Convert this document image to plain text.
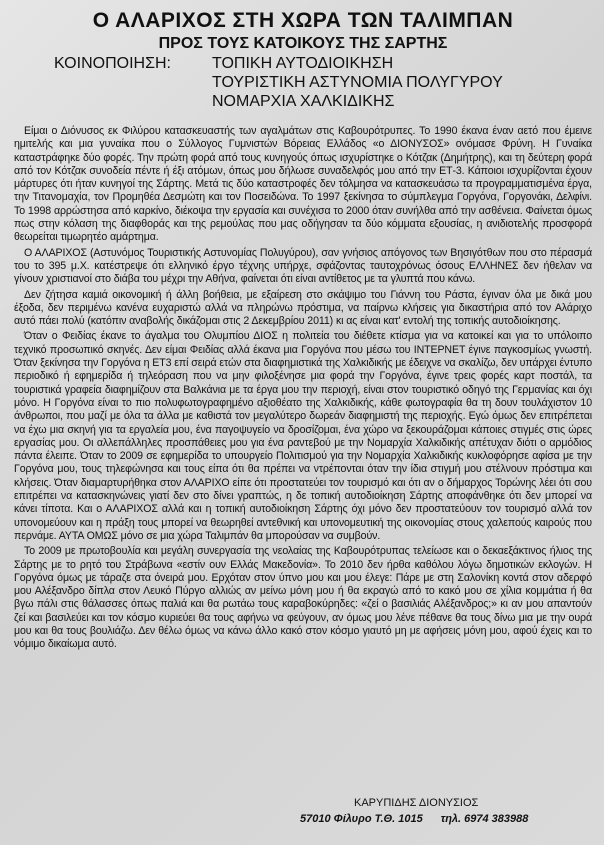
Ο ΑΛΑΡΙΧΟΣ ΣΤΗ ΧΩΡΑ ΤΩΝ ΤΑΛΙΜΠΑΝ
ΠΡΟΣ ΤΟΥΣ ΚΑΤΟΙΚΟΥΣ ΤΗΣ ΣΑΡΤΗΣ
ΚΟΙΝΟΠΟΙΗΣΗ:	ΤΟΠΙΚΗ ΑΥΤΟΔΙΟΙΚΗΣΗ
ΤΟΥΡΙΣΤΙΚΗ ΑΣΤΥΝΟΜΙΑ ΠΟΛΥΓΥΡΟΥ
ΝΟΜΑΡΧΙΑ ΧΑΛΚΙΔΙΚΗΣ

Είμαι ο Διόνυσος εκ Φιλύρου κατασκευαστής των αγαλμάτων στις Καβουρότρυπες. Το 1990 έκανα έναν αετό που έμεινε ημιτελής και μια γυναίκα που ο Σύλλογος Γυμνιστών Βόρειας Ελλάδος «ο ΔΙΟΝΥΣΟΣ» ονόμασε Φρύνη. Η Γυναίκα καταστράφηκε δύο φορές. Την πρώτη φορά από τους κυνηγούς όπως ισχυρίστηκε ο Κότζακ (Δημήτρης), και τη δεύτερη φορά από τον Κότζακ συνοδεία πέντε ή έξι ατόμων, όπως μου δήλωσε συναδελφός μου από την ΕΤ-3. Κάποιοι ισχυρίζονται έχουν μάρτυρες ότι ήταν κυνηγοί της Σάρτης. Μετά τις δύο καταστροφές δεν τόλμησα να κατασκευάσω τα προγραμματισμένα έργα, την Τιτανομαχία, τον Προμηθέα Δεσμώτη και τον Ποσειδώνα. Το 1997 ξεκίνησα το σύμπλεγμα Γοργόνα, Γοργονάκι, Δελφίνι. Το 1998 αρρώστησα από καρκίνο, διέκοψα την εργασία και συνέχισα το 2000 όταν συνήλθα από την ασθένεια. Φαίνεται όμως πως στην κόλαση της διαφθοράς και της ρεμούλας που μας οδήγησαν τα δύο κόμματα εξουσίας, η ανιδιοτελής προσφορά θεωρείται τιμωρητέο αμάρτημα.

Ο ΑΛΑΡΙΧΟΣ (Αστυνόμος Τουριστικής Αστυνομίας Πολυγύρου), σαν γνήσιος απόγονος των Βησιγότθων που στο πέρασμά του το 395 μ.Χ. κατέστρεψε ότι ελληνικό έργο τέχνης υπήρχε, σφάζοντας ταυτοχρόνως όσους ΕΛΛΗΝΕΣ δεν ήθελαν να γίνουν χριστιανοί στο διάβα του μέχρι την Αθήνα, φαίνεται ότι είναι αντίθετος με τα γλυπτά που κάνω.

Δεν ζήτησα καμιά οικονομική ή άλλη βοήθεια, με εξαίρεση στο σκάψιμο του Γιάννη του Ράστα, έγιναν όλα με δικά μου έξοδα, δεν περιμένω κανένα ευχαριστώ αλλά να πληρώνω πρόστιμα, να παίρνω κλήσεις για δικαστήρια από τον Αλάριχο αυτό πάει πολύ (κατόπιν αναβολής δικάζομαι στις 2 Δεκεμβρίου 2011) κι ας είναι κατ' εντολή της τοπικής αυτοδιοίκησης.

Όταν ο Φειδίας έκανε το άγαλμα του Ολυμπίου ΔΙΟΣ η πολιτεία του διέθετε κτίσμα για να κατοικεί και για το υπόλοιπο τεχνικό προσωπικό σκηνές. Δεν είμαι Φειδίας αλλά έκανα μια Γοργόνα που μέσω του ΙΝΤΕΡΝΕΤ έγινε παγκοσμίως γνωστή. Όταν ξεκίνησα την Γοργόνα η ΕΤ3 επί σειρά ετών στα διαφημιστικά της Χαλκιδικής με έδειχνε να σκαλίζω, δεν υπάρχει έντυπο περιοδικό ή εφημερίδα ή τηλεόραση που να μην φιλοξένησε μια φορά την Γοργόνα, έγινε τρεις φορές καρτ ποστάλ, τα τουριστικά γραφεία διαφημίζουν στα Βαλκάνια με τα έργα μου την περιοχή, είναι στον τουριστικό οδηγό της Γερμανίας και όχι μόνο. Η Γοργόνα είναι το πιο πολυφωτογραφημένο αξιοθέατο της Χαλκιδικής, κάθε φωτογραφία θα τη δουν τουλάχιστον 10 άνθρωποι, που μαζί με όλα τα άλλα με καθιστά τον μεγαλύτερο δωρεάν διαφημιστή της περιοχής. Εγώ όμως δεν επιτρέπεται να έχω μια σκηνή για τα εργαλεία μου, ένα παγοψυγείο να δροσίζομαι, ένα χώρο να ξεκουράζομαι κάποιες στιγμές στις ώρες εργασίας μου. Οι αλλεπάλληλες προσπάθειες μου για ένα ραντεβού με την Νομαρχία Χαλκιδικής απέτυχαν διότι ο αρμόδιος πάντα έλειπε. Όταν το 2009 σε εφημερίδα το υπουργείο Πολιτισμού για την Νομαρχία Χαλκιδικής κυκλοφόρησε αφίσα με την Γοργόνα μου, τους τηλεφώνησα και τους είπα ότι θα πρέπει να ντρέπονται όταν την ίδια στιγμή μου στέλνουν πρόστιμα και κλήσεις. Όταν διαμαρτυρήθηκα στον ΑΛΑΡΙΧΟ είπε ότι προστατεύει τον τουρισμό και ότι αν ο δήμαρχος Τορώνης λέει ότι σου επιτρέπει να κατασκηνώνεις γιατί δεν στο δίνει γραπτώς, η δε τοπική αυτοδιοίκηση Σάρτης αποφάνθηκε ότι δεν μπορεί να κάνει τίποτα. Και ο ΑΛΑΡΙΧΟΣ αλλά και η τοπική αυτοδιοίκηση Σάρτης όχι μόνο δεν προστατεύουν τον τουρισμό αλλά τον υπονομεύουν και η πράξη τους μπορεί να θεωρηθεί αντεθνική και υπονομευτική της οικονομίας στους χαλεπούς καιρούς που περνάμε. ΑΥΤΑ ΟΜΩΣ μόνο σε μια χώρα Ταλιμπάν θα μπορούσαν να συμβούν.

Το 2009 με πρωτοβουλία και μεγάλη συνεργασία της νεολαίας της Καβουρότρυπας τελείωσε και ο δεκαεξάκτινος ήλιος της Σάρτης με το ρητό του Στράβωνα «εστίν ουν Ελλάς Μακεδονία». Το 2010 δεν ήρθα καθόλου λόγω δημοτικών εκλογών. Η Γοργόνα όμως με τάραζε στα όνειρά μου. Ερχόταν στον ύπνο μου και μου έλεγε: Πάρε με στη Σαλονίκη κοντά στον αδερφό μου Αλέξανδρο δίπλα στον Λευκό Πύργο αλλιώς αν μείνω μόνη μου ή θα εκραγώ από το κακό μου σε χίλια κομμάτια ή θα βγω πάλι στις θάλασσες όπως παλιά και θα ρωτάω τους καραβοκύρηδες: «ζεί ο βασιλιάς Αλέξανδρος;» κι αν μου απαντούν ζεί και βασιλεύει και τον κόσμο κυριεύει θα τους αφήνω να φεύγουν, αν όμως μου λένε πέθανε θα τους δίνω μια με την ουρά μου και θα τους βουλιάζω. Δεν θέλω όμως να κάνω άλλο κακό στον κόσμο γιαυτό μη με αφήσεις μόνη μου, αφού έχεις και το νόμιμο δικαίωμα αυτό.

ΚΑΡΥΠΙΔΗΣ ΔΙΟΝΥΣΙΟΣ
57010 Φίλυρο Τ.Θ. 1015 τηλ. 6974 383988
